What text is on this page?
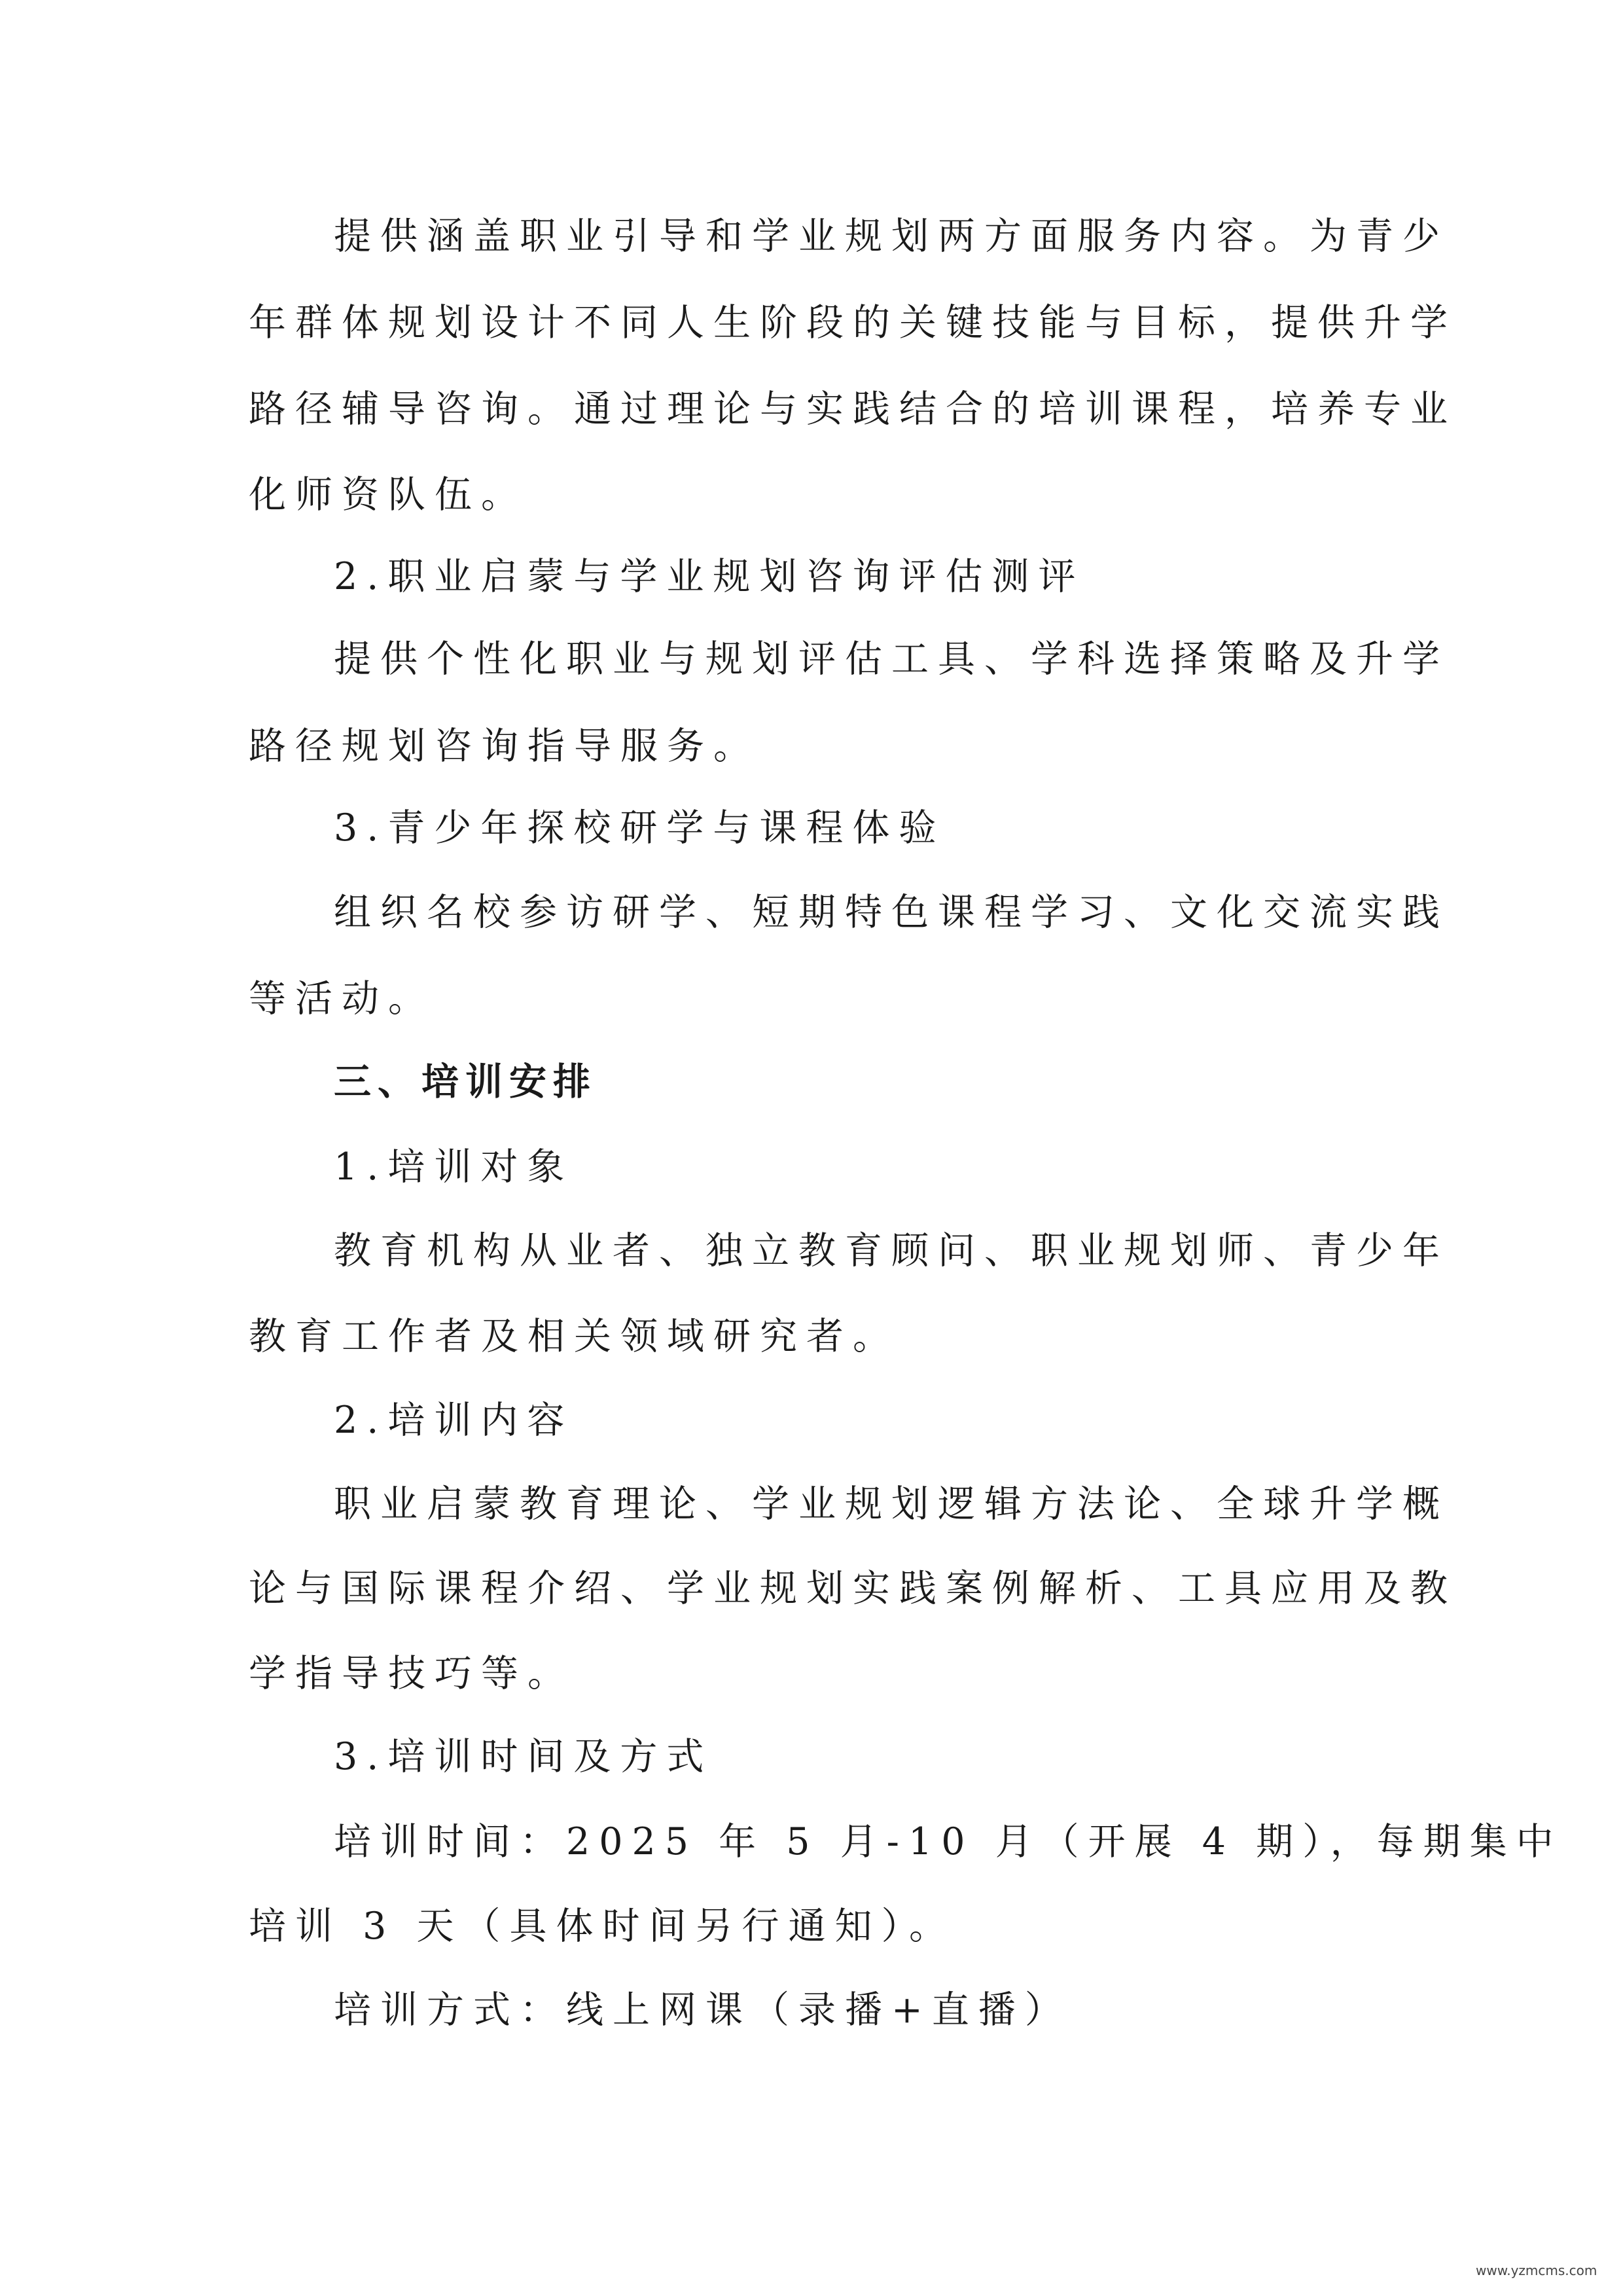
提供涵盖职业引导和学业规划两方面服务内容。为青少
年群体规划设计不同人生阶段的关键技能与目标，提供升学
路径辅导咨询。通过理论与实践结合的培训课程，培养专业
化师资队伍。
2.职业启蒙与学业规划咨询评估测评
提供个性化职业与规划评估工具、学科选择策略及升学
路径规划咨询指导服务。
3.青少年探校研学与课程体验
组织名校参访研学、短期特色课程学习、文化交流实践
等活动。
三、培训安排
1.培训对象
教育机构从业者、独立教育顾问、职业规划师、青少年
教育工作者及相关领域研究者。
2.培训内容
职业启蒙教育理论、学业规划逻辑方法论、全球升学概
论与国际课程介绍、学业规划实践案例解析、工具应用及教
学指导技巧等。
3.培训时间及方式
培训时间：2025 年 5 月-10 月（开展 4 期），每期集中
培训 3 天（具体时间另行通知）。
培训方式：线上网课（录播+直播）
www.yzmcms.com
